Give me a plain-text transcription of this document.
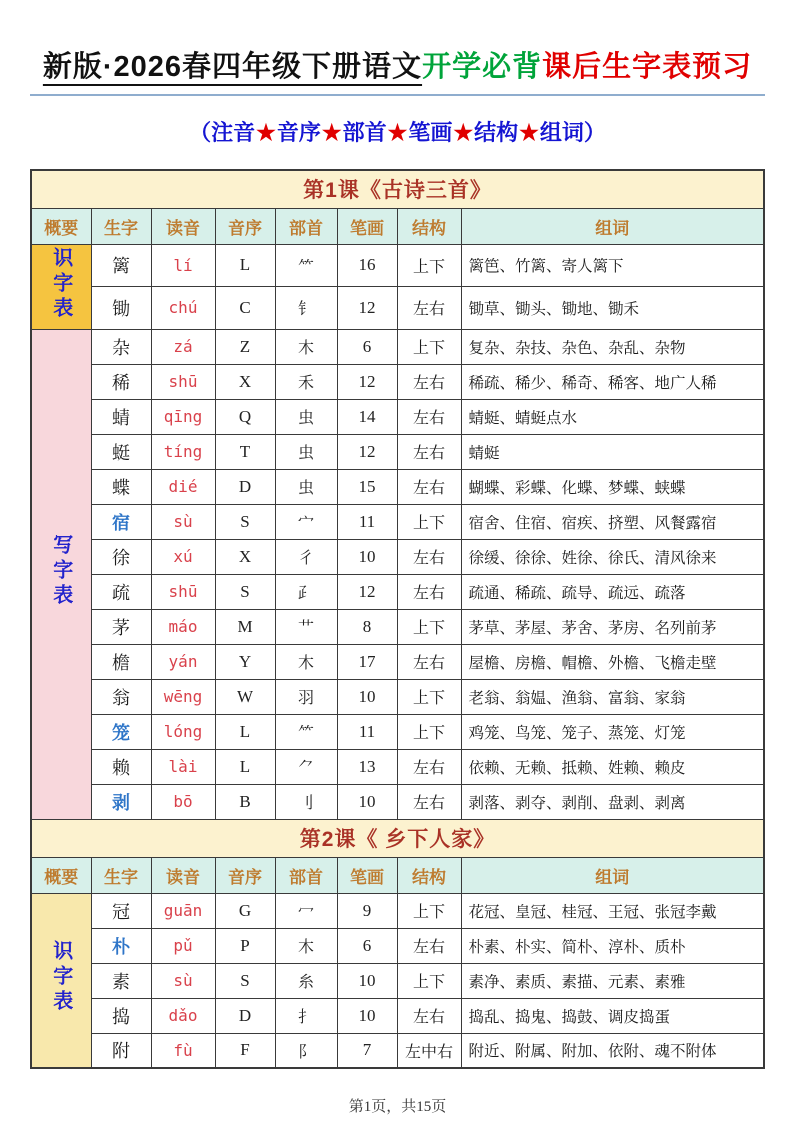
新版·2026春四年级下册语文开学必背课后生字表预习
（注音★音序★部首★笔画★结构★组词）
第1课《古诗三首》							
概要	生字	读音	音序	部首	笔画	结构	组词
识字表	篱	lí	L	⺮	16	上下	篱笆、竹篱、寄人篱下
	锄	chú	C	钅	12	左右	锄草、锄头、锄地、锄禾
写字表	杂	zá	Z	木	6	上下	复杂、杂技、杂色、杂乱、杂物
	稀	shū	X	禾	12	左右	稀疏、稀少、稀奇、稀客、地广人稀
	蜻	qīng	Q	虫	14	左右	蜻蜓、蜻蜓点水
	蜓	tíng	T	虫	12	左右	蜻蜓
	蝶	dié	D	虫	15	左右	蝴蝶、彩蝶、化蝶、梦蝶、蛱蝶
	宿	sù	S	宀	11	上下	宿舍、住宿、宿疾、挤塑、风餐露宿
	徐	xú	X	彳	10	左右	徐缓、徐徐、姓徐、徐氏、清风徐来
	疏	shū	S	⺪	12	左右	疏通、稀疏、疏导、疏远、疏落
	茅	máo	M	艹	8	上下	茅草、茅屋、茅舍、茅房、名列前茅
	檐	yán	Y	木	17	左右	屋檐、房檐、帽檐、外檐、飞檐走壁
	翁	wēng	W	羽	10	上下	老翁、翁媪、渔翁、富翁、家翁
	笼	lóng	L	⺮	11	上下	鸡笼、鸟笼、笼子、蒸笼、灯笼
	赖	lài	L	⺈	13	左右	依赖、无赖、抵赖、姓赖、赖皮
	剥	bō	B	刂	10	左右	剥落、剥夺、剥削、盘剥、剥离
第2课《 乡下人家》							
概要	生字	读音	音序	部首	笔画	结构	组词
识字表	冠	guān	G	冖	9	上下	花冠、皇冠、桂冠、王冠、张冠李戴
	朴	pǔ	P	木	6	左右	朴素、朴实、简朴、淳朴、质朴
	素	sù	S	糸	10	上下	素净、素质、素描、元素、素雅
	捣	dǎo	D	扌	10	左右	捣乱、捣鬼、捣鼓、调皮捣蛋
	附	fù	F	阝	7	左中右	附近、附属、附加、依附、魂不附体
第1页，共15页
